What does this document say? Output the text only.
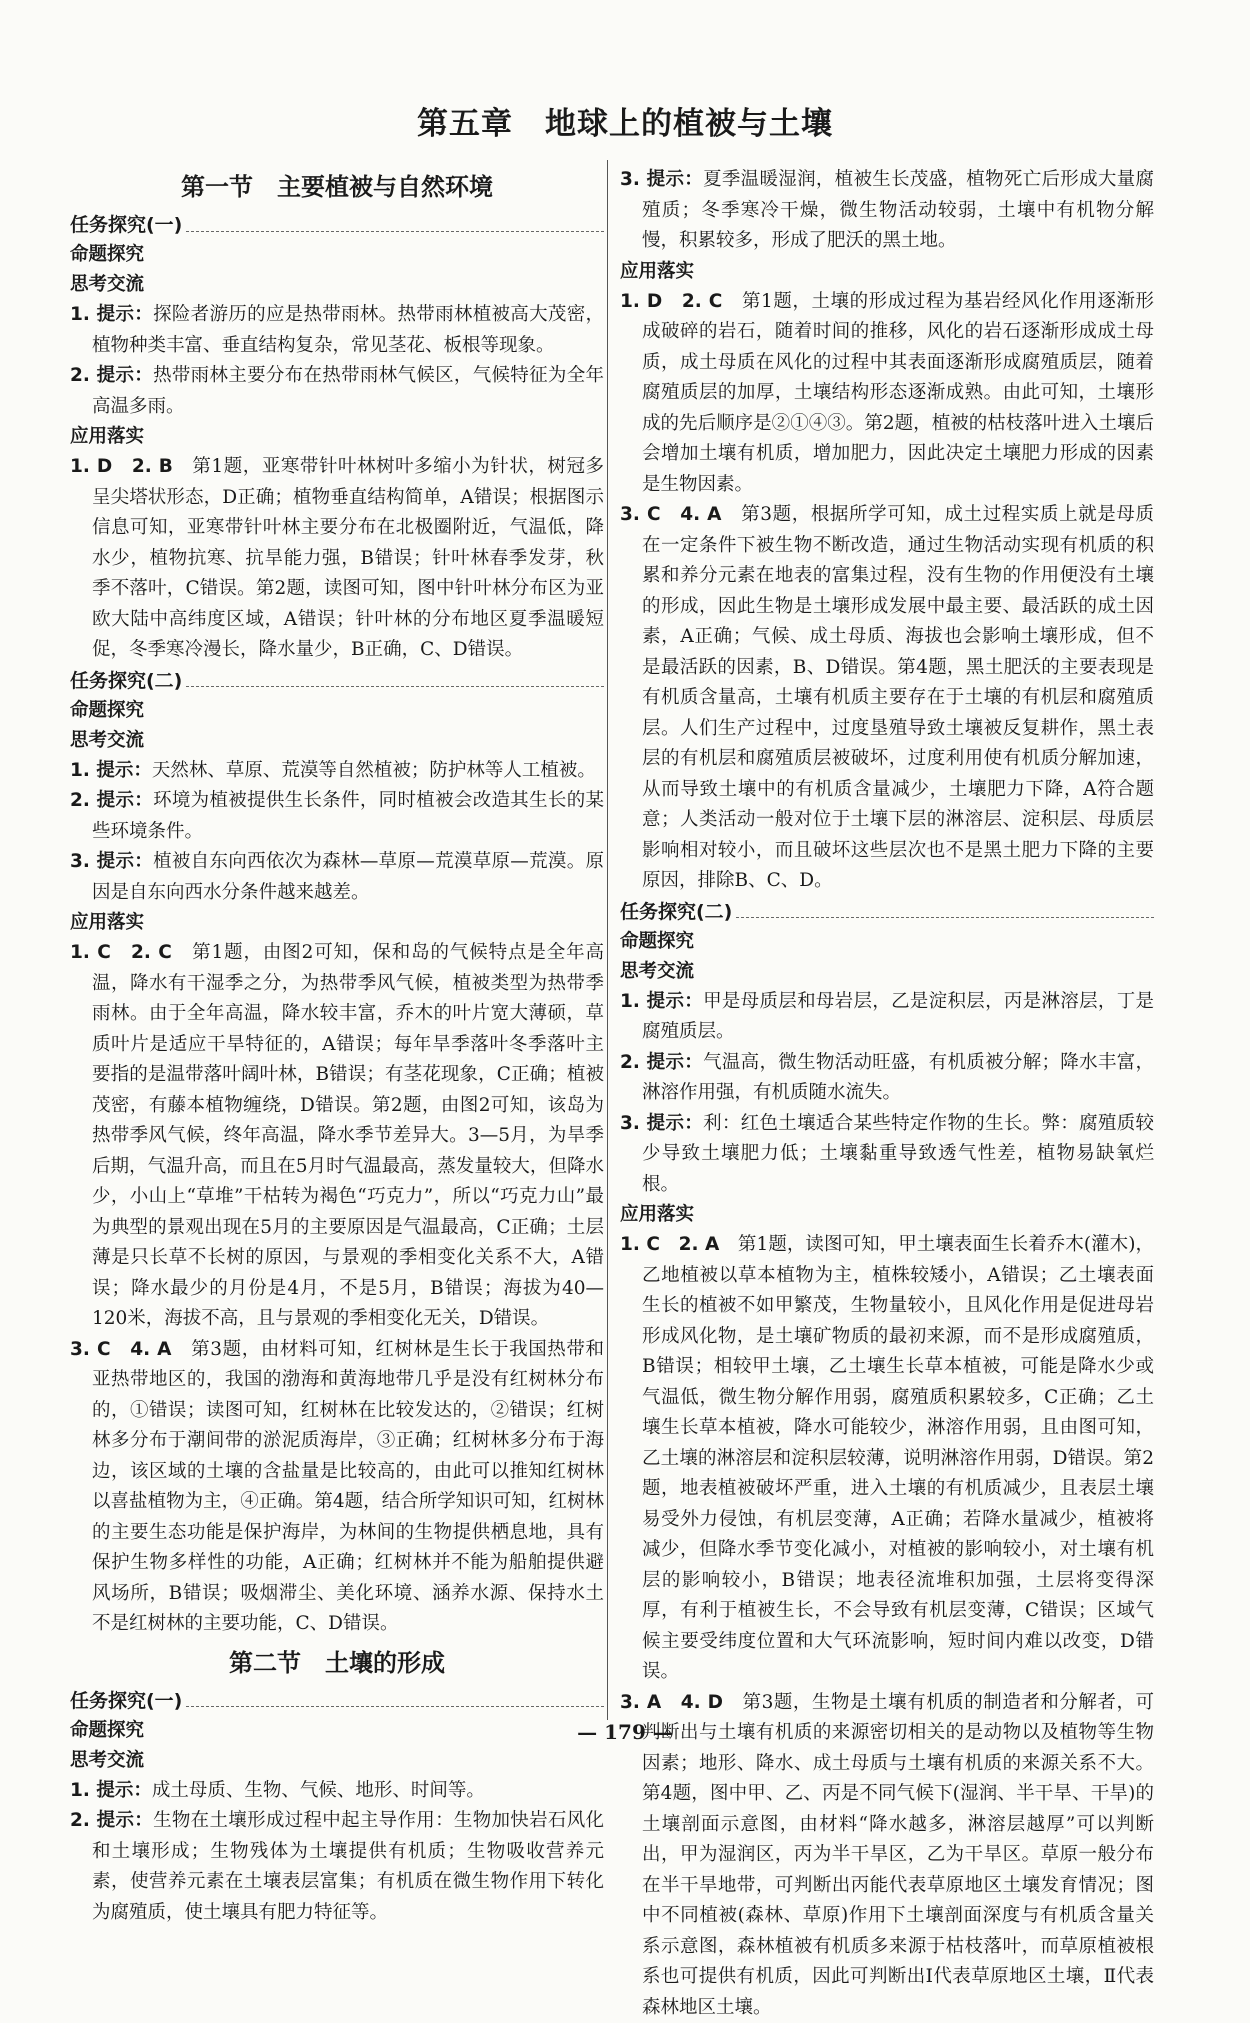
第五章　地球上的植被与土壤
第一节　主要植被与自然环境
任务探究(一)
命题探究
思考交流

1. 提示：探险者游历的应是热带雨林。热带雨林植被高大茂密，植物种类丰富、垂直结构复杂，常见茎花、板根等现象。

2. 提示：热带雨林主要分布在热带雨林气候区，气候特征为全年高温多雨。

应用落实

1. D　2. B　第1题，亚寒带针叶林树叶多缩小为针状，树冠多呈尖塔状形态，D正确；植物垂直结构简单，A错误；根据图示信息可知，亚寒带针叶林主要分布在北极圈附近，气温低，降水少，植物抗寒、抗旱能力强，B错误；针叶林春季发芽，秋季不落叶，C错误。第2题，读图可知，图中针叶林分布区为亚欧大陆中高纬度区域，A错误；针叶林的分布地区夏季温暖短促，冬季寒冷漫长，降水量少，B正确，C、D错误。

任务探究(二)
命题探究
思考交流

1. 提示：天然林、草原、荒漠等自然植被；防护林等人工植被。

2. 提示：环境为植被提供生长条件，同时植被会改造其生长的某些环境条件。

3. 提示：植被自东向西依次为森林—草原—荒漠草原—荒漠。原因是自东向西水分条件越来越差。

应用落实

1. C　2. C　第1题，由图2可知，保和岛的气候特点是全年高温，降水有干湿季之分，为热带季风气候，植被类型为热带季雨林。由于全年高温，降水较丰富，乔木的叶片宽大薄硕，草质叶片是适应干旱特征的，A错误；每年旱季落叶冬季落叶主要指的是温带落叶阔叶林，B错误；有茎花现象，C正确；植被茂密，有藤本植物缠绕，D错误。第2题，由图2可知，该岛为热带季风气候，终年高温，降水季节差异大。3—5月，为旱季后期，气温升高，而且在5月时气温最高，蒸发量较大，但降水少，小山上“草堆”干枯转为褐色“巧克力”，所以“巧克力山”最为典型的景观出现在5月的主要原因是气温最高，C正确；土层薄是只长草不长树的原因，与景观的季相变化关系不大，A错误；降水最少的月份是4月，不是5月，B错误；海拔为40—120米，海拔不高，且与景观的季相变化无关，D错误。

3. C　4. A　第3题，由材料可知，红树林是生长于我国热带和亚热带地区的，我国的渤海和黄海地带几乎是没有红树林分布的，①错误；读图可知，红树林在比较发达的，②错误；红树林多分布于潮间带的淤泥质海岸，③正确；红树林多分布于海边，该区域的土壤的含盐量是比较高的，由此可以推知红树林以喜盐植物为主，④正确。第4题，结合所学知识可知，红树林的主要生态功能是保护海岸，为林间的生物提供栖息地，具有保护生物多样性的功能，A正确；红树林并不能为船舶提供避风场所，B错误；吸烟滞尘、美化环境、涵养水源、保持水土不是红树林的主要功能，C、D错误。

第二节　土壤的形成
任务探究(一)
命题探究
思考交流

1. 提示：成土母质、生物、气候、地形、时间等。

2. 提示：生物在土壤形成过程中起主导作用：生物加快岩石风化和土壤形成；生物残体为土壤提供有机质；生物吸收营养元素，使营养元素在土壤表层富集；有机质在微生物作用下转化为腐殖质，使土壤具有肥力特征等。

3. 提示：夏季温暖湿润，植被生长茂盛，植物死亡后形成大量腐殖质；冬季寒冷干燥，微生物活动较弱，土壤中有机物分解慢，积累较多，形成了肥沃的黑土地。

应用落实

1. D　2. C　第1题，土壤的形成过程为基岩经风化作用逐渐形成破碎的岩石，随着时间的推移，风化的岩石逐渐形成成土母质，成土母质在风化的过程中其表面逐渐形成腐殖质层，随着腐殖质层的加厚，土壤结构形态逐渐成熟。由此可知，土壤形成的先后顺序是②①④③。第2题，植被的枯枝落叶进入土壤后会增加土壤有机质，增加肥力，因此决定土壤肥力形成的因素是生物因素。

3. C　4. A　第3题，根据所学可知，成土过程实质上就是母质在一定条件下被生物不断改造，通过生物活动实现有机质的积累和养分元素在地表的富集过程，没有生物的作用便没有土壤的形成，因此生物是土壤形成发展中最主要、最活跃的成土因素，A正确；气候、成土母质、海拔也会影响土壤形成，但不是最活跃的因素，B、D错误。第4题，黑土肥沃的主要表现是有机质含量高，土壤有机质主要存在于土壤的有机层和腐殖质层。人们生产过程中，过度垦殖导致土壤被反复耕作，黑土表层的有机层和腐殖质层被破坏，过度利用使有机质分解加速，从而导致土壤中的有机质含量减少，土壤肥力下降，A符合题意；人类活动一般对位于土壤下层的淋溶层、淀积层、母质层影响相对较小，而且破坏这些层次也不是黑土肥力下降的主要原因，排除B、C、D。

任务探究(二)
命题探究
思考交流

1. 提示：甲是母质层和母岩层，乙是淀积层，丙是淋溶层，丁是腐殖质层。

2. 提示：气温高，微生物活动旺盛，有机质被分解；降水丰富，淋溶作用强，有机质随水流失。

3. 提示：利：红色土壤适合某些特定作物的生长。弊：腐殖质较少导致土壤肥力低；土壤黏重导致透气性差，植物易缺氧烂根。

应用落实

1. C　2. A　第1题，读图可知，甲土壤表面生长着乔木(灌木)，乙地植被以草本植物为主，植株较矮小，A错误；乙土壤表面生长的植被不如甲繁茂，生物量较小，且风化作用是促进母岩形成风化物，是土壤矿物质的最初来源，而不是形成腐殖质，B错误；相较甲土壤，乙土壤生长草本植被，可能是降水少或气温低，微生物分解作用弱，腐殖质积累较多，C正确；乙土壤生长草本植被，降水可能较少，淋溶作用弱，且由图可知，乙土壤的淋溶层和淀积层较薄，说明淋溶作用弱，D错误。第2题，地表植被破坏严重，进入土壤的有机质减少，且表层土壤易受外力侵蚀，有机层变薄，A正确；若降水量减少，植被将减少，但降水季节变化减小，对植被的影响较小，对土壤有机层的影响较小，B错误；地表径流堆积加强，土层将变得深厚，有利于植被生长，不会导致有机层变薄，C错误；区域气候主要受纬度位置和大气环流影响，短时间内难以改变，D错误。

3. A　4. D　第3题，生物是土壤有机质的制造者和分解者，可判断出与土壤有机质的来源密切相关的是动物以及植物等生物因素；地形、降水、成土母质与土壤有机质的来源关系不大。第4题，图中甲、乙、丙是不同气候下(湿润、半干旱、干旱)的土壤剖面示意图，由材料“降水越多，淋溶层越厚”可以判断出，甲为湿润区，丙为半干旱区，乙为干旱区。草原一般分布在半干旱地带，可判断出丙能代表草原地区土壤发育情况；图中不同植被(森林、草原)作用下土壤剖面深度与有机质含量关系示意图，森林植被有机质多来源于枯枝落叶，而草原植被根系也可提供有机质，因此可判断出Ⅰ代表草原地区土壤，Ⅱ代表森林地区土壤。

— 179 —
